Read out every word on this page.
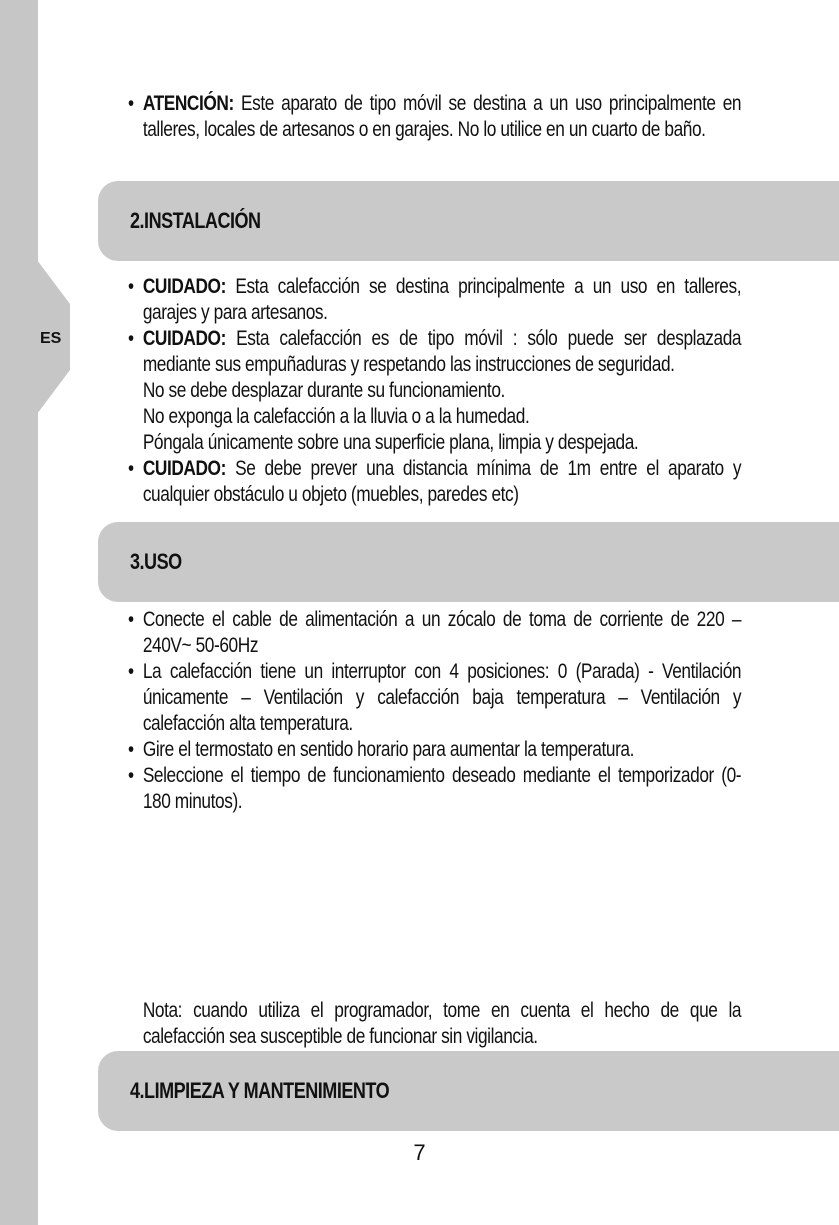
ES
• ATENCIÓN: Este aparato de tipo móvil se destina a un uso principalmente en talleres, locales de artesanos o en garajes. No lo utilice en un cuarto de baño.
2.INSTALACIÓN
• CUIDADO: Esta calefacción se destina principalmente a un uso en talleres, garajes y para artesanos.
• CUIDADO: Esta calefacción es de tipo móvil : sólo puede ser desplazada mediante sus empuñaduras y respetando las instrucciones de seguridad.
No se debe desplazar durante su funcionamiento.
No exponga la calefacción a la lluvia o a la humedad.
Póngala únicamente sobre una superficie plana, limpia y despejada.
• CUIDADO: Se debe prever una distancia mínima de 1m entre el aparato y cualquier obstáculo u objeto (muebles, paredes etc)
3.USO
• Conecte el cable de alimentación a un zócalo de toma de corriente de 220 –240V~ 50-60Hz
• La calefacción tiene un interruptor con 4 posiciones: 0 (Parada) - Ventilación únicamente – Ventilación y calefacción baja temperatura – Ventilación y calefacción alta temperatura.
• Gire el termostato en sentido horario para aumentar la temperatura.
• Seleccione el tiempo de funcionamiento deseado mediante el temporizador (0-180 minutos).
Nota: cuando utiliza el programador, tome en cuenta el hecho de que la calefacción sea susceptible de funcionar sin vigilancia.
4.LIMPIEZA Y MANTENIMIENTO
7
